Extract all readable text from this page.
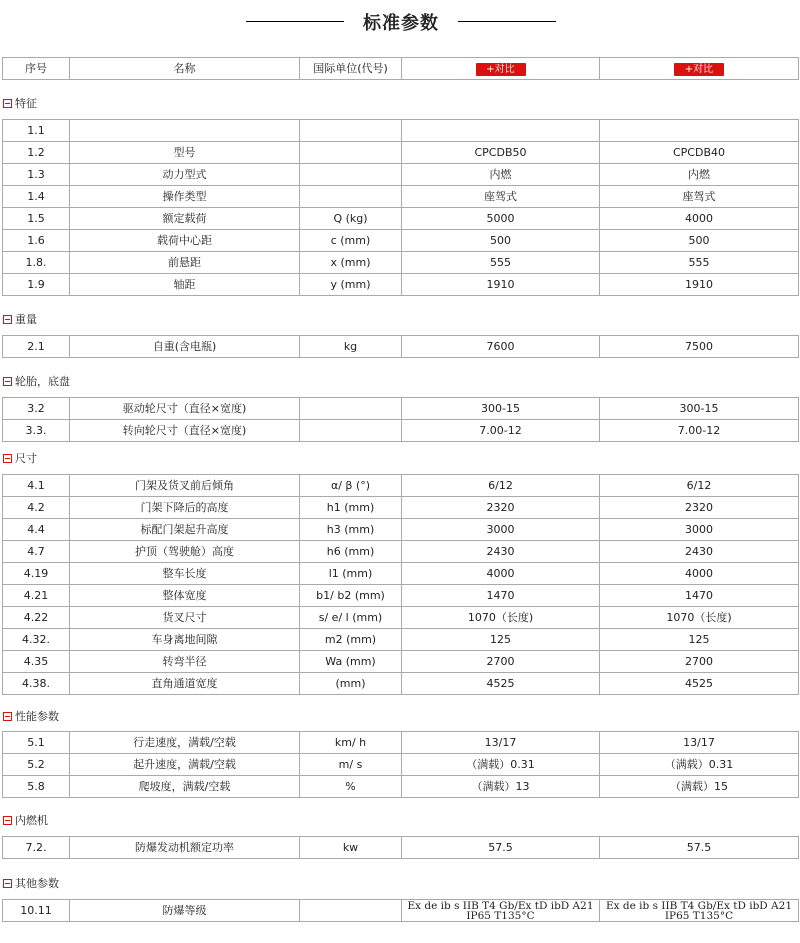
标准参数
序号	名称	国际单位(代号)	+对比	+对比
特征
1.1				
1.2	型号		CPCDB50	CPCDB40
1.3	动力型式		内燃	内燃
1.4	操作类型		座驾式	座驾式
1.5	额定载荷	Q (kg)	5000	4000
1.6	载荷中心距	c (mm)	500	500
1.8.	前悬距	x (mm)	555	555
1.9	轴距	y (mm)	1910	1910
重量
2.1	自重(含电瓶)	kg	7600	7500
轮胎，底盘
3.2	驱动轮尺寸（直径×宽度)		300-15	300-15
3.3.	转向轮尺寸（直径×宽度)		7.00-12	7.00-12
尺寸
4.1	门架及货叉前后倾角	α/ β (°)	6/12	6/12
4.2	门架下降后的高度	h1 (mm)	2320	2320
4.4	标配门架起升高度	h3 (mm)	3000	3000
4.7	护顶（驾驶舱）高度	h6 (mm)	2430	2430
4.19	整车长度	l1 (mm)	4000	4000
4.21	整体宽度	b1/ b2 (mm)	1470	1470
4.22	货叉尺寸	s/ e/ l (mm)	1070（长度)	1070（长度)
4.32.	车身离地间隙	m2 (mm)	125	125
4.35	转弯半径	Wa (mm)	2700	2700
4.38.	直角通道宽度	(mm)	4525	4525
性能参数
5.1	行走速度，满载/空载	km/ h	13/17	13/17
5.2	起升速度，满载/空载	m/ s	（满载）0.31	（满载）0.31
5.8	爬坡度，满载/空载	%	（满载）13	（满载）15
内燃机
7.2.	防爆发动机额定功率	kw	57.5	57.5
其他参数
10.11	防爆等级		Ex de ib s IIB T4 Gb/Ex tD ibD A21 IP65 T135°C	Ex de ib s IIB T4 Gb/Ex tD ibD A21 IP65 T135°C
